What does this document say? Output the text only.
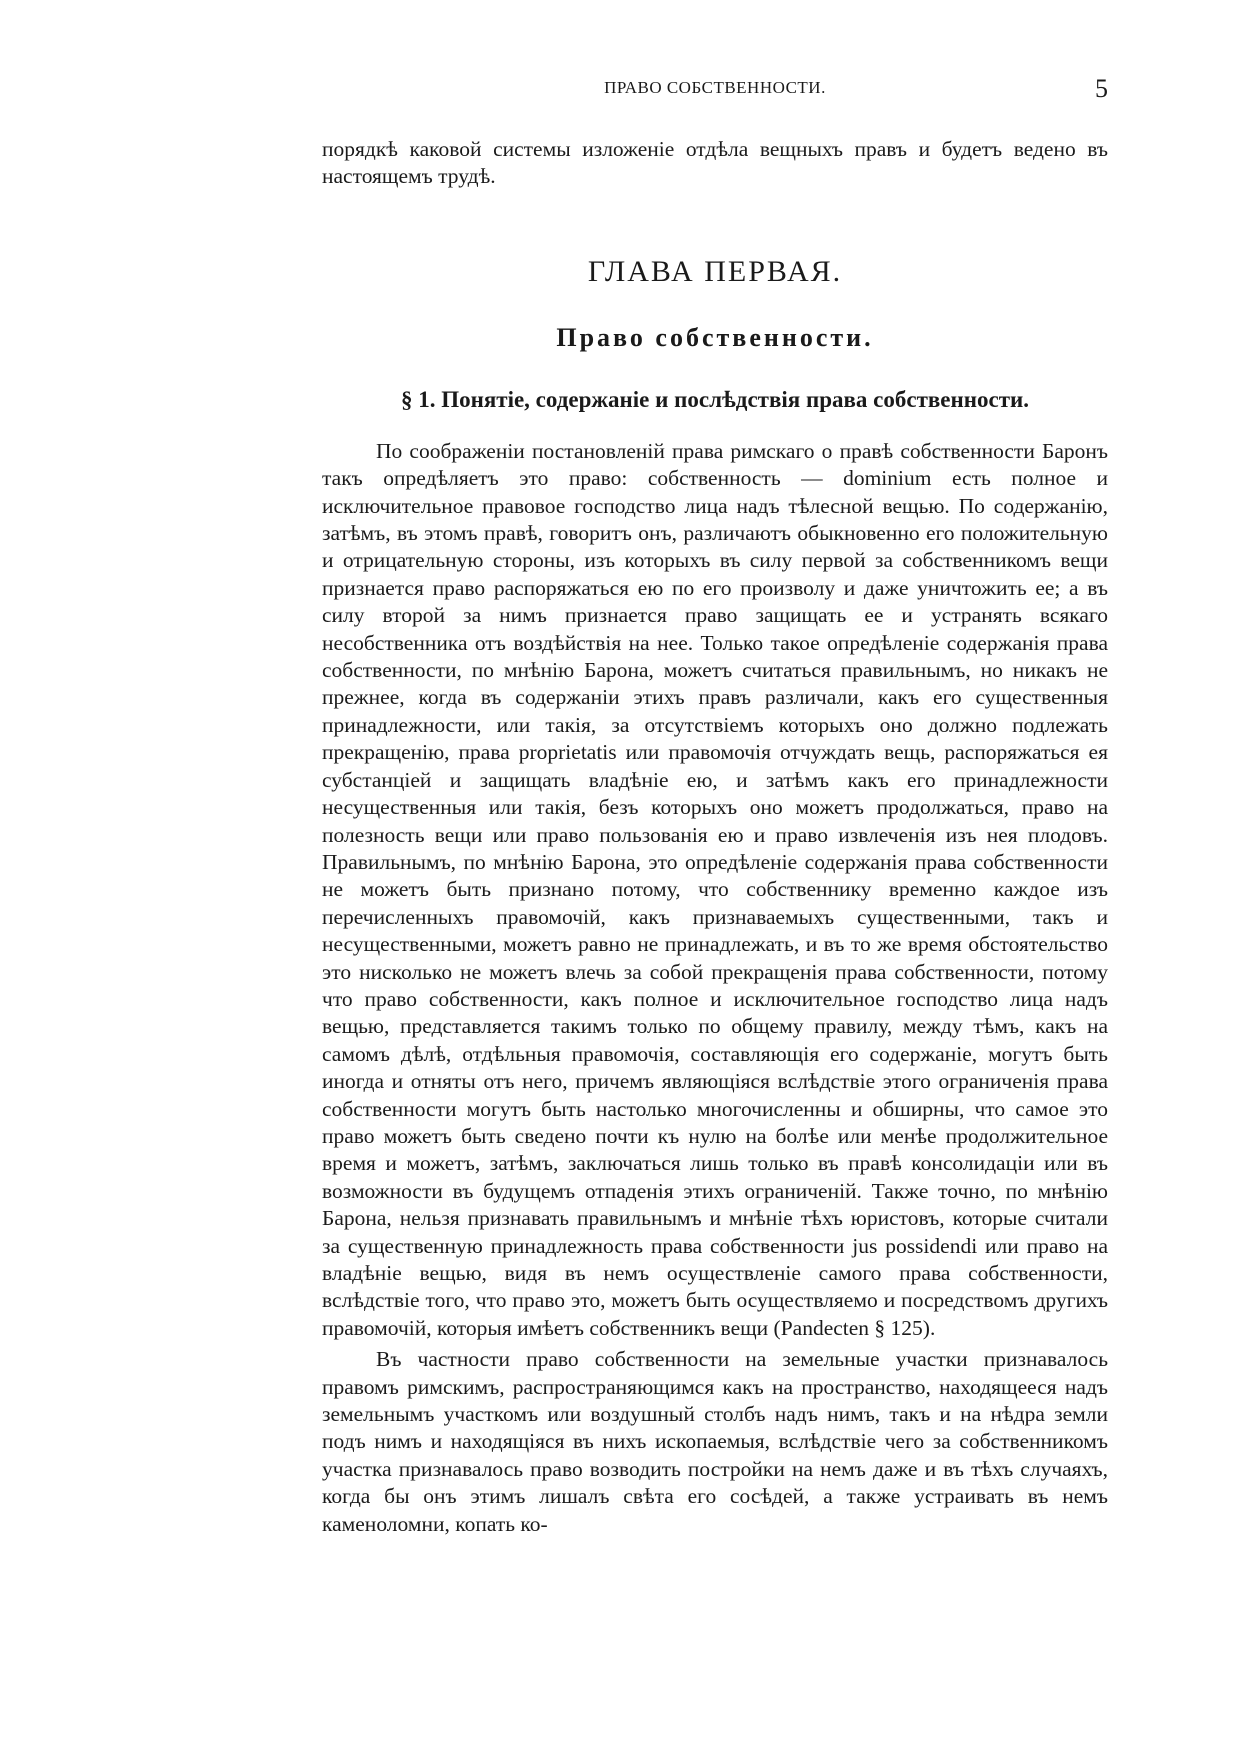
ПРАВО СОБСТВЕННОСТИ.	5

порядкѣ каковой системы изложеніе отдѣла вещныхъ правъ и будетъ ведено въ настоящемъ трудѣ.

ГЛАВА ПЕРВАЯ.
Право собственности.
§ 1. Понятіе, содержаніе и послѣдствія права собственности.

По соображеніи постановленій права римскаго о правѣ собственности Баронъ такъ опредѣляетъ это право: собственность — dominium есть полное и исключительное правовое господство лица надъ тѣлесной вещью. По содержанію, затѣмъ, въ этомъ правѣ, говоритъ онъ, различаютъ обыкновенно его положительную и отрицательную стороны, изъ которыхъ въ силу первой за собственникомъ вещи признается право распоряжаться ею по его произволу и даже уничтожить ее; а въ силу второй за нимъ признается право защищать ее и устранять всякаго несобственника отъ воздѣйствія на нее. Только такое опредѣленіе содержанія права собственности, по мнѣнію Барона, можетъ считаться правильнымъ, но никакъ не прежнее, когда въ содержаніи этихъ правъ различали, какъ его существенныя принадлежности, или такія, за отсутствіемъ которыхъ оно должно подлежать прекращенію, права proprietatis или правомочія отчуждать вещь, распоряжаться ея субстанціей и защищать владѣніе ею, и затѣмъ какъ его принадлежности несущественныя или такія, безъ которыхъ оно можетъ продолжаться, право на полезность вещи или право пользованія ею и право извлеченія изъ нея плодовъ. Правильнымъ, по мнѣнію Барона, это опредѣленіе содержанія права собственности не можетъ быть признано потому, что собственнику временно каждое изъ перечисленныхъ правомочій, какъ признаваемыхъ существенными, такъ и несущественными, можетъ равно не принадлежать, и въ то же время обстоятельство это нисколько не можетъ влечь за собой прекращенія права собственности, потому что право собственности, какъ полное и исключительное господство лица надъ вещью, представляется такимъ только по общему правилу, между тѣмъ, какъ на самомъ дѣлѣ, отдѣльныя правомочія, составляющія его содержаніе, могутъ быть иногда и отняты отъ него, причемъ являющіяся вслѣдствіе этого ограниченія права собственности могутъ быть настолько многочисленны и обширны, что самое это право можетъ быть сведено почти къ нулю на болѣе или менѣе продолжительное время и можетъ, затѣмъ, заключаться лишь только въ правѣ консолидаціи или въ возможности въ будущемъ отпаденія этихъ ограниченій. Также точно, по мнѣнію Барона, нельзя признавать правильнымъ и мнѣніе тѣхъ юристовъ, которые считали за существенную принадлежность права собственности jus possidendi или право на владѣніе вещью, видя въ немъ осуществленіе самого права собственности, вслѣдствіе того, что право это, можетъ быть осуществляемо и посредствомъ другихъ правомочій, которыя имѣетъ собственникъ вещи (Pandecten § 125).

Въ частности право собственности на земельные участки признавалось правомъ римскимъ, распространяющимся какъ на пространство, находящееся надъ земельнымъ участкомъ или воздушный столбъ надъ нимъ, такъ и на нѣдра земли подъ нимъ и находящіяся въ нихъ ископаемыя, вслѣдствіе чего за собственникомъ участка признавалось право возводить постройки на немъ даже и въ тѣхъ случаяхъ, когда бы онъ этимъ лишалъ свѣта его сосѣдей, а также устраивать въ немъ каменоломни, копать ко-
